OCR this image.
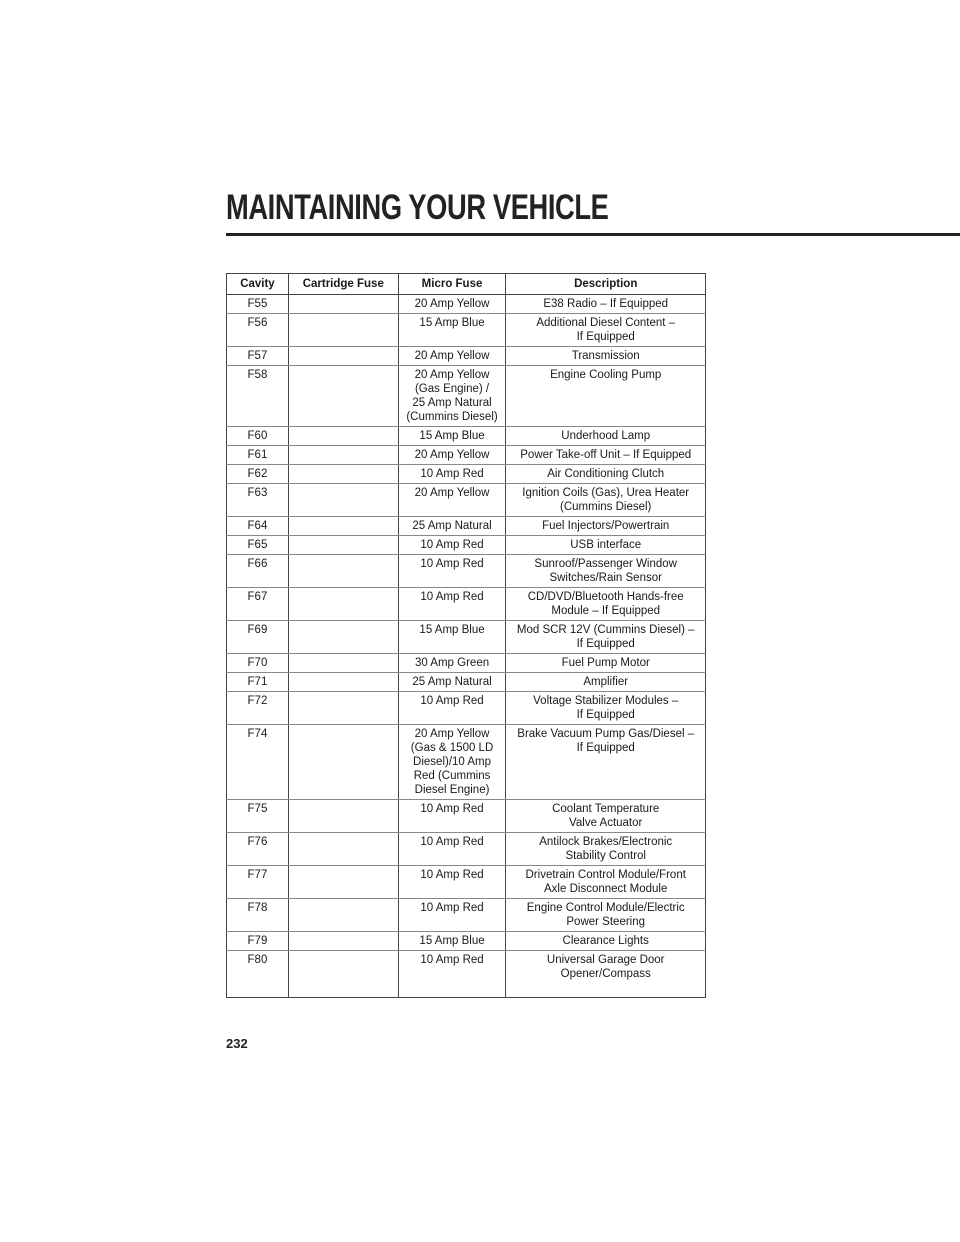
MAINTAINING YOUR VEHICLE
Cavity	Cartridge Fuse	Micro Fuse	Description
F55		20 Amp Yellow	E38 Radio – If Equipped
F56		15 Amp Blue	Additional Diesel Content –
If Equipped
F57		20 Amp Yellow	Transmission
F58		20 Amp Yellow
(Gas Engine) /
25 Amp Natural
(Cummins Diesel)	Engine Cooling Pump
F60		15 Amp Blue	Underhood Lamp
F61		20 Amp Yellow	Power Take-off Unit – If Equipped
F62		10 Amp Red	Air Conditioning Clutch
F63		20 Amp Yellow	Ignition Coils (Gas), Urea Heater
(Cummins Diesel)
F64		25 Amp Natural	Fuel Injectors/Powertrain
F65		10 Amp Red	USB interface
F66		10 Amp Red	Sunroof/Passenger Window
Switches/Rain Sensor
F67		10 Amp Red	CD/DVD/Bluetooth Hands-free
Module – If Equipped
F69		15 Amp Blue	Mod SCR 12V (Cummins Diesel) –
If Equipped
F70		30 Amp Green	Fuel Pump Motor
F71		25 Amp Natural	Amplifier
F72		10 Amp Red	Voltage Stabilizer Modules –
If Equipped
F74		20 Amp Yellow
(Gas & 1500 LD
Diesel)/10 Amp
Red (Cummins
Diesel Engine)	Brake Vacuum Pump Gas/Diesel –
If Equipped
F75		10 Amp Red	Coolant Temperature
Valve Actuator
F76		10 Amp Red	Antilock Brakes/Electronic
Stability Control
F77		10 Amp Red	Drivetrain Control Module/Front
Axle Disconnect Module
F78		10 Amp Red	Engine Control Module/Electric
Power Steering
F79		15 Amp Blue	Clearance Lights
F80		10 Amp Red	Universal Garage Door
Opener/Compass

232
